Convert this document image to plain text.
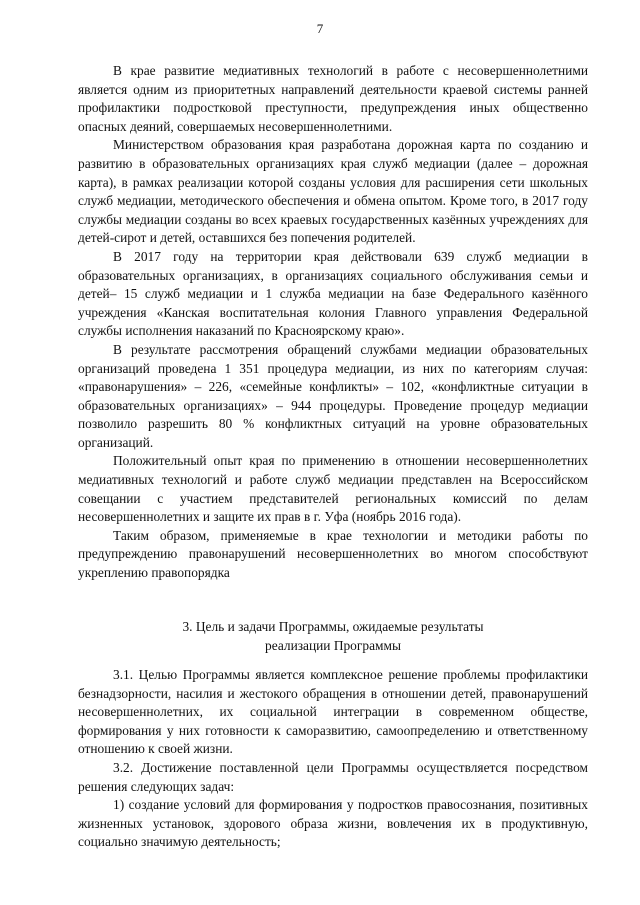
7

В крае развитие медиативных технологий в работе с несовершеннолетними является одним из приоритетных направлений деятельности краевой системы ранней профилактики подростковой преступности, предупреждения иных общественно опасных деяний, совершаемых несовершеннолетними.

Министерством образования края разработана дорожная карта по созданию и развитию в образовательных организациях края служб медиации (далее – дорожная карта), в рамках реализации которой созданы условия для расширения сети школьных служб медиации, методического обеспечения и обмена опытом. Кроме того, в 2017 году службы медиации созданы во всех краевых государственных казённых учреждениях для детей-сирот и детей, оставшихся без попечения родителей.

В 2017 году на территории края действовали 639 служб медиации в образовательных организациях, в организациях социального обслуживания семьи и детей– 15 служб медиации и 1 служба медиации на базе Федерального казённого учреждения «Канская воспитательная колония Главного управления Федеральной службы исполнения наказаний по Красноярскому краю».

В результате рассмотрения обращений службами медиации образовательных организаций проведена 1 351 процедура медиации, из них по категориям случая: «правонарушения» – 226, «семейные конфликты» – 102, «конфликтные ситуации в образовательных организациях» – 944 процедуры. Проведение процедур медиации позволило разрешить 80 % конфликтных ситуаций на уровне образовательных организаций.

Положительный опыт края по применению в отношении несовершеннолетних медиативных технологий и работе служб медиации представлен на Всероссийском совещании с участием представителей региональных комиссий по делам несовершеннолетних и защите их прав в г. Уфа (ноябрь 2016 года).

Таким образом, применяемые в крае технологии и методики работы по предупреждению правонарушений несовершеннолетних во многом способствуют укреплению правопорядка

3. Цель и задачи Программы, ожидаемые результаты

реализации Программы

3.1. Целью Программы является комплексное решение проблемы профилактики безнадзорности, насилия и жестокого обращения в отношении детей, правонарушений несовершеннолетних, их социальной интеграции в современном обществе, формирования у них готовности к саморазвитию, самоопределению и ответственному отношению к своей жизни.

3.2. Достижение поставленной цели Программы осуществляется посредством решения следующих задач:

1) создание условий для формирования у подростков правосознания, позитивных жизненных установок, здорового образа жизни, вовлечения их в продуктивную, социально значимую деятельность;
